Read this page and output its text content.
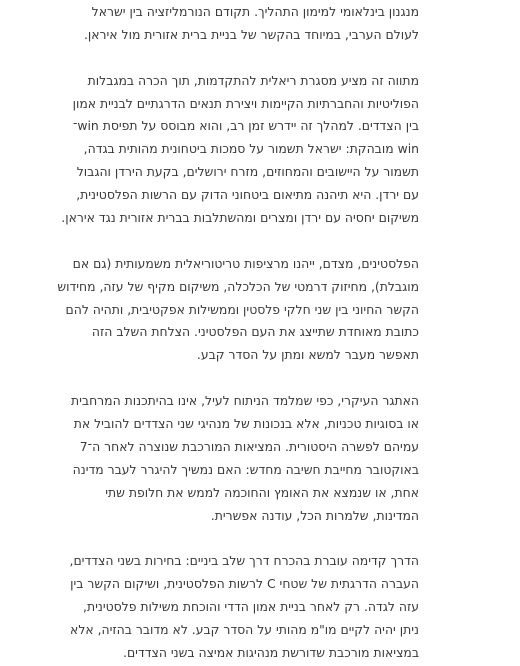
מנגנון בינלאומי למימון התהליך. תקודם הנורמליזציה בין ישראל
לעולם הערבי, במיוחד בהקשר של בניית ברית אזורית מול איראן.
מתווה זה מציע מסגרת ריאלית להתקדמות, תוך הכרה במגבלות
הפוליטיות והחברתיות הקיימות ויצירת תנאים הדרגתיים לבניית אמון
בין הצדדים. למהלך זה יידרש זמן רב, והוא מבוסס על תפיסת win־
win מובהקת: ישראל תשמור על סמכות ביטחונית מהותית בגדה,
תשמור על היישובים והמחוזים, מזרח ירושלים, בקעת הירדן והגבול
עם ירדן. היא תיהנה מתיאום ביטחוני הדוק עם הרשות הפלסטינית,
משיקום יחסיה עם ירדן ומצרים ומהשתלבות בברית אזורית נגד איראן.
הפלסטינים, מצדם, ייהנו מרציפות טריטוריאלית משמעותית (גם אם
מוגבלת), מחיזוק דרמטי של הכלכלה, משיקום מקיף של עזה, מחידוש
הקשר החיוני בין שני חלקי פלסטין וממשילות אפקטיבית, ותהיה להם
כתובת מאוחדת שתייצג את העם הפלסטיני. הצלחת השלב הזה
תאפשר מעבר למשא ומתן על הסדר קבע.
האתגר העיקרי, כפי שמלמד הניתוח לעיל, אינו בהיתכנות המרחבית
או בסוגיות טכניות, אלא בנכונות של מנהיגי שני הצדדים להוביל את
עמיהם לפשרה היסטורית. המציאות המורכבת שנוצרה לאחר ה־7
באוקטובר מחייבת חשיבה מחדש: האם נמשיך להיגרר לעבר מדינה
אחת, או שנמצא את האומץ והחוכמה לממש את חלופת שתי
המדינות, שלמרות הכל, עודנה אפשרית.
הדרך קדימה עוברת בהכרח דרך שלב ביניים: בחירות בשני הצדדים,
העברה הדרגתית של שטחי C לרשות הפלסטינית, ושיקום הקשר בין
עזה לגדה. רק לאחר בניית אמון הדדי והוכחת משילות פלסטינית,
ניתן יהיה לקיים מו"מ מהותי על הסדר קבע. לא מדובר בהזיה, אלא
במציאות מורכבת שדורשת מנהיגות אמיצה בשני הצדדים.
